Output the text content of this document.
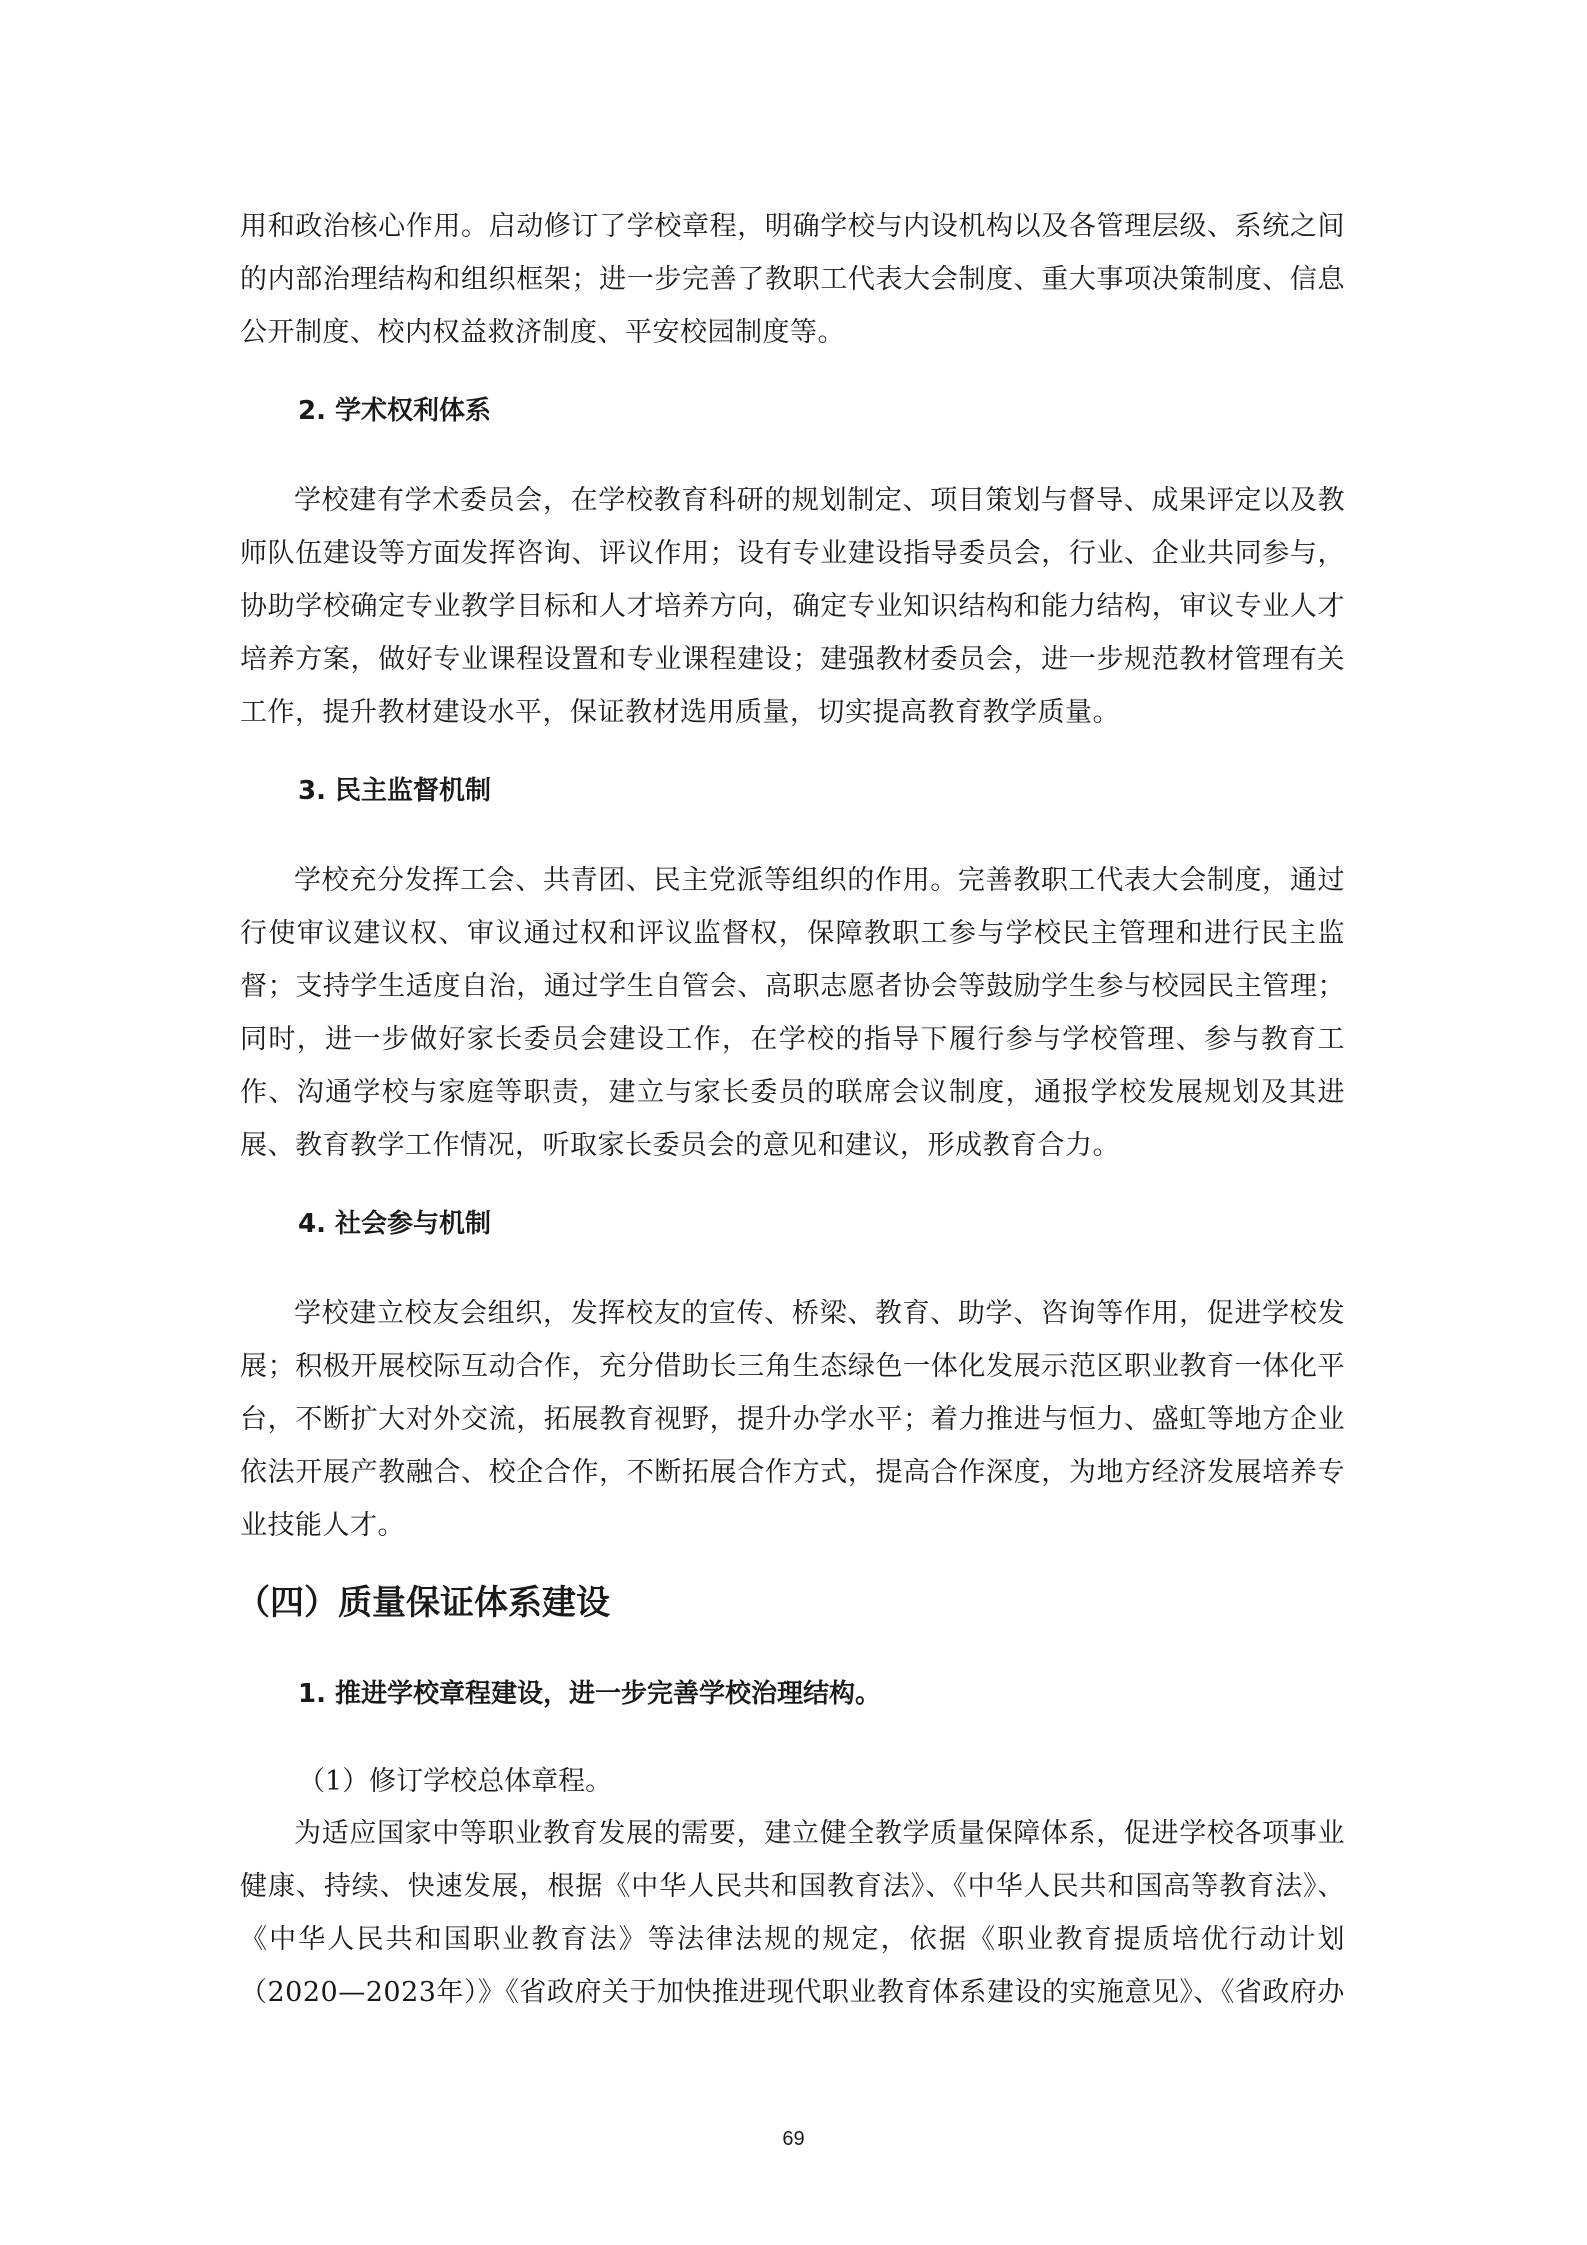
用和政治核心作用。启动修订了学校章程，明确学校与内设机构以及各管理层级、系统之间的内部治理结构和组织框架；进一步完善了教职工代表大会制度、重大事项决策制度、信息公开制度、校内权益救济制度、平安校园制度等。

2. 学术权利体系

学校建有学术委员会，在学校教育科研的规划制定、项目策划与督导、成果评定以及教师队伍建设等方面发挥咨询、评议作用；设有专业建设指导委员会，行业、企业共同参与，协助学校确定专业教学目标和人才培养方向，确定专业知识结构和能力结构，审议专业人才培养方案，做好专业课程设置和专业课程建设；建强教材委员会，进一步规范教材管理有关工作，提升教材建设水平，保证教材选用质量，切实提高教育教学质量。

3. 民主监督机制

学校充分发挥工会、共青团、民主党派等组织的作用。完善教职工代表大会制度，通过行使审议建议权、审议通过权和评议监督权，保障教职工参与学校民主管理和进行民主监督；支持学生适度自治，通过学生自管会、高职志愿者协会等鼓励学生参与校园民主管理；同时，进一步做好家长委员会建设工作，在学校的指导下履行参与学校管理、参与教育工作、沟通学校与家庭等职责，建立与家长委员的联席会议制度，通报学校发展规划及其进展、教育教学工作情况，听取家长委员会的意见和建议，形成教育合力。

4. 社会参与机制

学校建立校友会组织，发挥校友的宣传、桥梁、教育、助学、咨询等作用，促进学校发展；积极开展校际互动合作，充分借助长三角生态绿色一体化发展示范区职业教育一体化平台，不断扩大对外交流，拓展教育视野，提升办学水平；着力推进与恒力、盛虹等地方企业依法开展产教融合、校企合作，不断拓展合作方式，提高合作深度，为地方经济发展培养专业技能人才。

（四）质量保证体系建设
1. 推进学校章程建设，进一步完善学校治理结构。
（1）修订学校总体章程。

为适应国家中等职业教育发展的需要，建立健全教学质量保障体系，促进学校各项事业健康、持续、快速发展，根据《中华人民共和国教育法》、《中华人民共和国高等教育法》、《中华人民共和国职业教育法》等法律法规的规定，依据《职业教育提质培优行动计划（2020—2023年）》《省政府关于加快推进现代职业教育体系建设的实施意见》、《省政府办

69
